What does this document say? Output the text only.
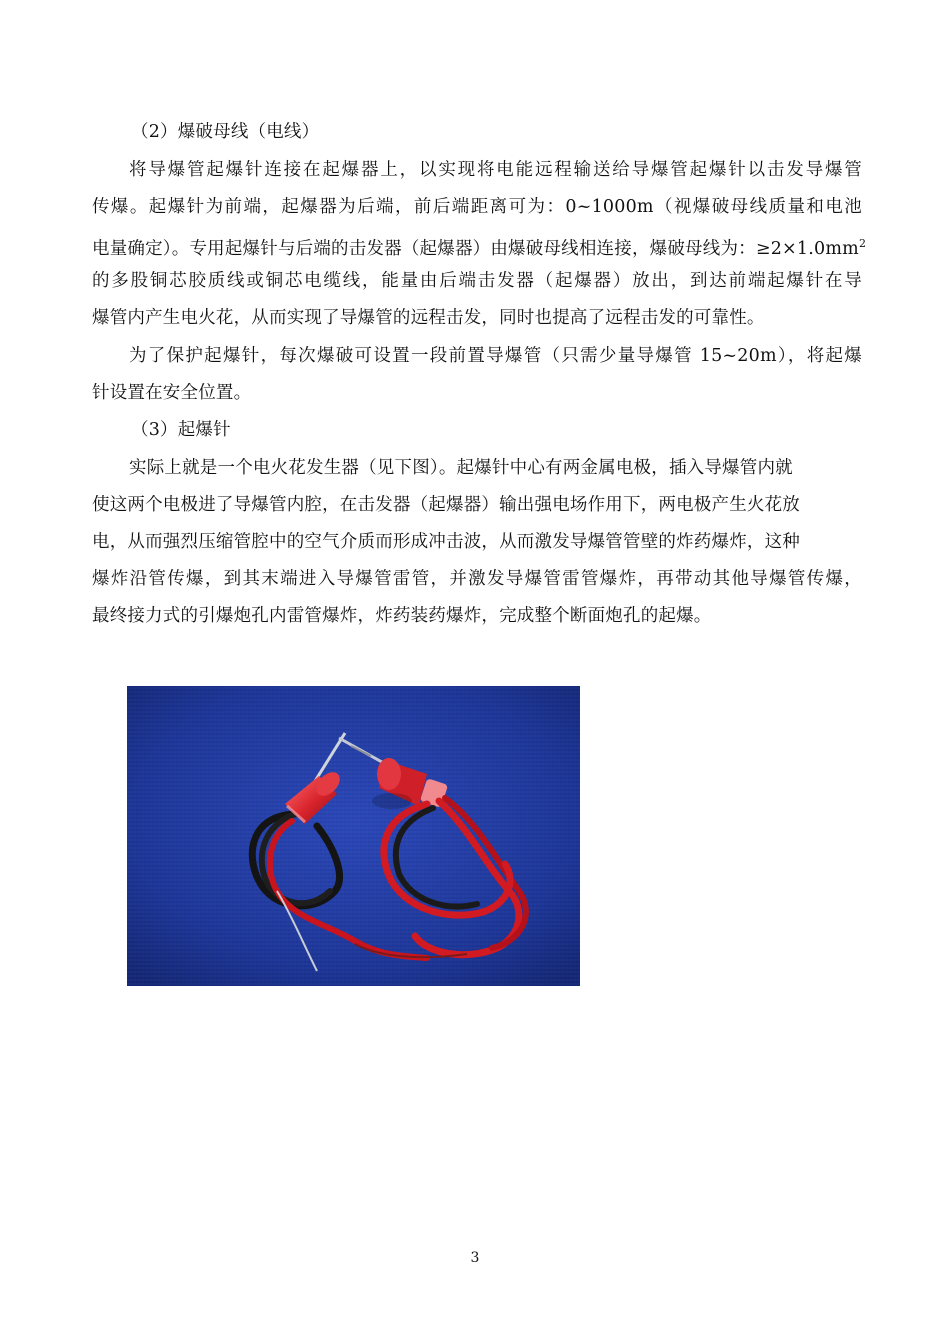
（2）爆破母线（电线）
将导爆管起爆针连接在起爆器上，以实现将电能远程输送给导爆管起爆针以击发导爆管
传爆。起爆针为前端，起爆器为后端，前后端距离可为：0~1000m（视爆破母线质量和电池
电量确定）。专用起爆针与后端的击发器（起爆器）由爆破母线相连接，爆破母线为：$\ge 2\times 1.0mm^2$
的多股铜芯胶质线或铜芯电缆线，能量由后端击发器（起爆器）放出，到达前端起爆针在导
爆管内产生电火花，从而实现了导爆管的远程击发，同时也提高了远程击发的可靠性。
为了保护起爆针，每次爆破可设置一段前置导爆管（只需少量导爆管 15~20m），将起爆
针设置在安全位置。
（3）起爆针
实际上就是一个电火花发生器（见下图）。起爆针中心有两金属电极，插入导爆管内就
使这两个电极进了导爆管内腔，在击发器（起爆器）输出强电场作用下，两电极产生火花放
电，从而强烈压缩管腔中的空气介质而形成冲击波，从而激发导爆管管壁的炸药爆炸，这种
爆炸沿管传爆，到其末端进入导爆管雷管，并激发导爆管雷管爆炸，再带动其他导爆管传爆，
最终接力式的引爆炮孔内雷管爆炸，炸药装药爆炸，完成整个断面炮孔的起爆。
3
